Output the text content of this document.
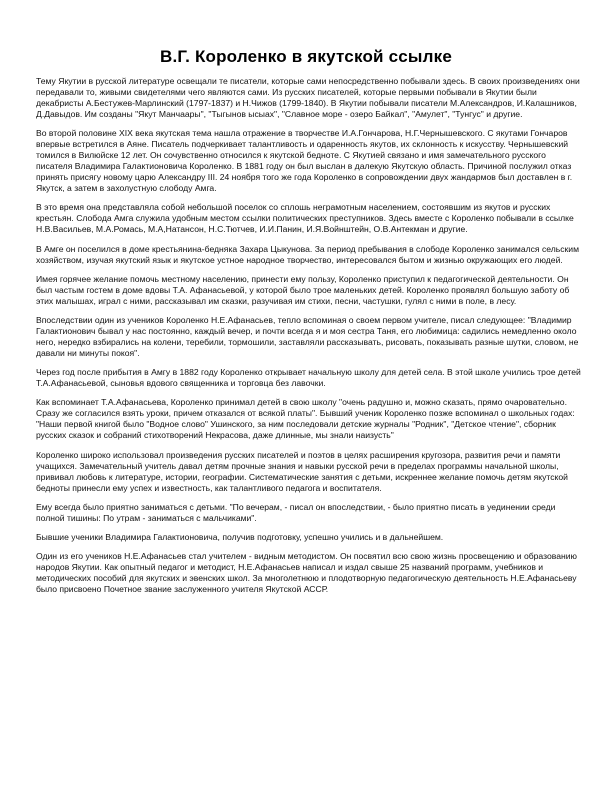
В.Г. Короленко в якутской ссылке

Тему Якутии в русской литературе освещали те писатели, которые сами непосредственно побывали здесь. В своих произведениях они передавали то, живыми свидетелями чего являются сами. Из русских писателей, которые первыми побывали в Якутии были декабристы А.Бестужев-Марлинский (1797-1837) и Н.Чижов (1799-1840). В Якутии побывали писатели М.Александров, И.Калашников, Д.Давыдов. Им созданы "Якут Манчаары", "Тыгынов ысыах", "Славное море - озеро Байкал", "Амулет", "Тунгус" и другие.

Во второй половине XIX века якутская тема нашла отражение в творчестве И.А.Гончарова, Н.Г.Чернышевского. С якутами Гончаров впервые встретился в Аяне. Писатель подчеркивает талантливость и одаренность якутов, их склонность к искусству. Чернышевский томился в Вилюйске 12 лет. Он сочувственно относился к якутской бедноте. С Якутией связано и имя замечательного русского писателя Владимира Галактионовича Короленко. В 1881 году он был выслан в далекую Якутскую область. Причиной послужил отказ принять присягу новому царю Александру III. 24 ноября того же года Короленко в сопровождении двух жандармов был доставлен в г. Якутск, а затем в захолустную слободу Амга.

В это время она представляла собой небольшой поселок со сплошь неграмотным населением, состоявшим из якутов и русских крестьян. Слобода Амга служила удобным местом ссылки политических преступников. Здесь вместе с Короленко побывали в ссылке Н.В.Васильев, М.А.Ромась, М.А,Натансон, Н.С.Тютчев, И.И.Панин, И.Я.Войнштейн, О.В.Антекман и другие.

В Амге он поселился в доме крестьянина-бедняка Захара Цыкунова. За период пребывания в слободе Короленко занимался сельским хозяйством, изучая якутский язык и якутское устное народное творчество, интересовался бытом и жизнью окружающих его людей.

Имея горячее желание помочь местному населению, принести ему пользу, Короленко приступил к педагогической деятельности. Он был частым гостем в доме вдовы Т.А. Афанасьевой, у которой было трое маленьких детей. Короленко проявлял большую заботу об этих малышах, играл с ними, рассказывал им сказки, разучивая им стихи, песни, частушки, гулял с ними в поле, в лесу.

Впоследствии один из учеников Короленко Н.Е.Афанасьев, тепло вспоминая о своем первом учителе, писал следующее: "Владимир Галактионович бывал у нас постоянно, каждый вечер, и почти всегда я и моя сестра Таня, его любимица: садились немедленно около него, нередко взбирались на колени, теребили, тормошили, заставляли рассказывать, рисовать, показывать разные шутки, словом, не давали ни минуты покоя".

Через год после прибытия в Амгу в 1882 году Короленко открывает начальную школу для детей села. В этой школе учились трое детей Т.А.Афанасьевой, сыновья вдового священника и торговца без лавочки.

Как вспоминает Т.А.Афанасьева, Короленко принимал детей в свою школу "очень радушно и, можно сказать, прямо очаровательно. Сразу же согласился взять уроки, причем отказался от всякой платы". Бывший ученик Короленко позже вспоминал о школьных годах: "Наши первой книгой было "Водное слово" Ушинского, за ним последовали детские журналы "Родник", "Детское чтение", сборник русских сказок и собраний стихотворений Некрасова, даже длинные, мы знали наизусть"

Короленко широко использовал произведения русских писателей и поэтов в целях расширения кругозора, развития речи и памяти учащихся. Замечательный учитель давал детям прочные знания и навыки русской речи в пределах программы начальной школы, прививал любовь к литературе, истории, географии. Систематические занятия с детьми, искреннее желание помочь детям якутской бедноты принесли ему успех и известность, как талантливого педагога и воспитателя.

Ему всегда было приятно заниматься с детьми. "По вечерам, - писал он впоследствии, - было приятно писать в уединении среди полной тишины: По утрам - заниматься с мальчиками".

Бывшие ученики Владимира Галактионовича, получив подготовку, успешно учились и в дальнейшем.

Один из его учеников Н.Е.Афанасьев стал учителем - видным методистом. Он посвятил всю свою жизнь просвещению и образованию народов Якутии. Как опытный педагог и методист, Н.Е.Афанасьев написал и издал свыше 25 названий программ, учебников и методических пособий для якутских и эвенских школ. За многолетнюю и плодотворную педагогическую деятельность Н.Е.Афанасьеву было присвоено Почетное звание заслуженного учителя Якутской АССР.
